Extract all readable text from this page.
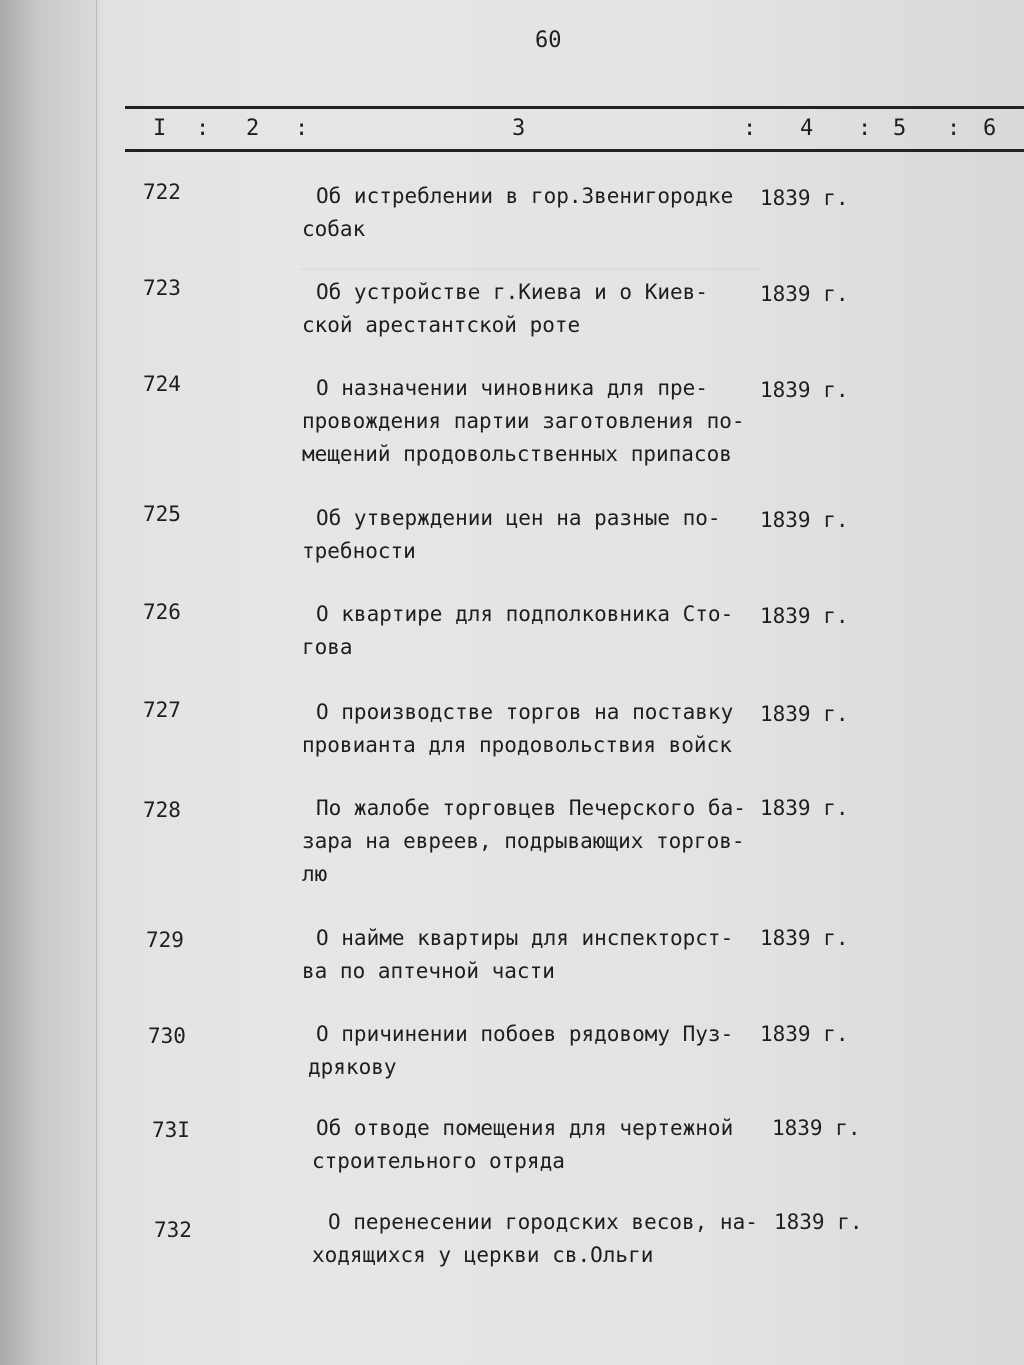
60
I : 2 :	3	: 4 : 5 : 6
722	Об истреблении в гор.Звенигородке
собак
1839 г.
723	Об устройстве г.Киева и о Киев-
ской арестантской роте
1839 г.
724	О назначении чиновника для пре-
провождения партии заготовления по-
мещений продовольственных припасов
1839 г.
725	Об утверждении цен на разные по-
требности
1839 г.
726	О квартире для подполковника Сто-
гова
1839 г.
727	О производстве торгов на поставку
провианта для продовольствия войск
1839 г.
728	По жалобе торговцев Печерского ба-
зара на евреев, подрывающих торгов-
лю
1839 г.
729	О найме квартиры для инспекторст-
ва по аптечной части
1839 г.
730	О причинении побоев рядовому Пуз-
дрякову
1839 г.
73I	Об отводе помещения для чертежной
строительного отряда
1839 г.
732	О перенесении городских весов, на-
ходящихся у церкви св.Ольги
1839 г.
